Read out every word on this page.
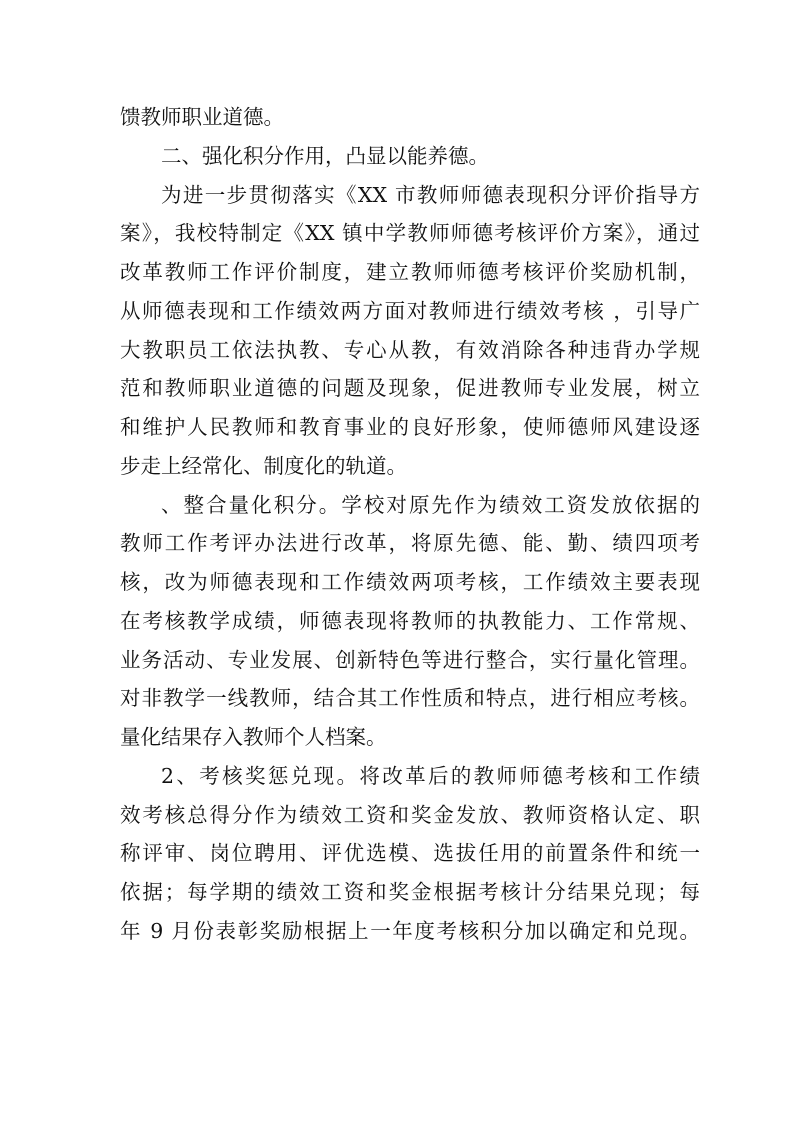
馈教师职业道德。
二、强化积分作用，凸显以能养德。
为进一步贯彻落实《XX 市教师师德表现积分评价指导方
案》，我校特制定《XX 镇中学教师师德考核评价方案》，通过
改革教师工作评价制度，建立教师师德考核评价奖励机制，
从师德表现和工作绩效两方面对教师进行绩效考核 ，引导广
大教职员工依法执教、专心从教，有效消除各种违背办学规
范和教师职业道德的问题及现象，促进教师专业发展，树立
和维护人民教师和教育事业的良好形象，使师德师风建设逐
步走上经常化、制度化的轨道。
、整合量化积分。学校对原先作为绩效工资发放依据的
教师工作考评办法进行改革，将原先德、能、勤、绩四项考
核，改为师德表现和工作绩效两项考核，工作绩效主要表现
在考核教学成绩，师德表现将教师的执教能力、工作常规、
业务活动、专业发展、创新特色等进行整合，实行量化管理。
对非教学一线教师，结合其工作性质和特点，进行相应考核。
量化结果存入教师个人档案。
2、考核奖惩兑现。将改革后的教师师德考核和工作绩
效考核总得分作为绩效工资和奖金发放、教师资格认定、职
称评审、岗位聘用、评优选模、选拔任用的前置条件和统一
依据；每学期的绩效工资和奖金根据考核计分结果兑现；每
年 9 月份表彰奖励根据上一年度考核积分加以确定和兑现。
